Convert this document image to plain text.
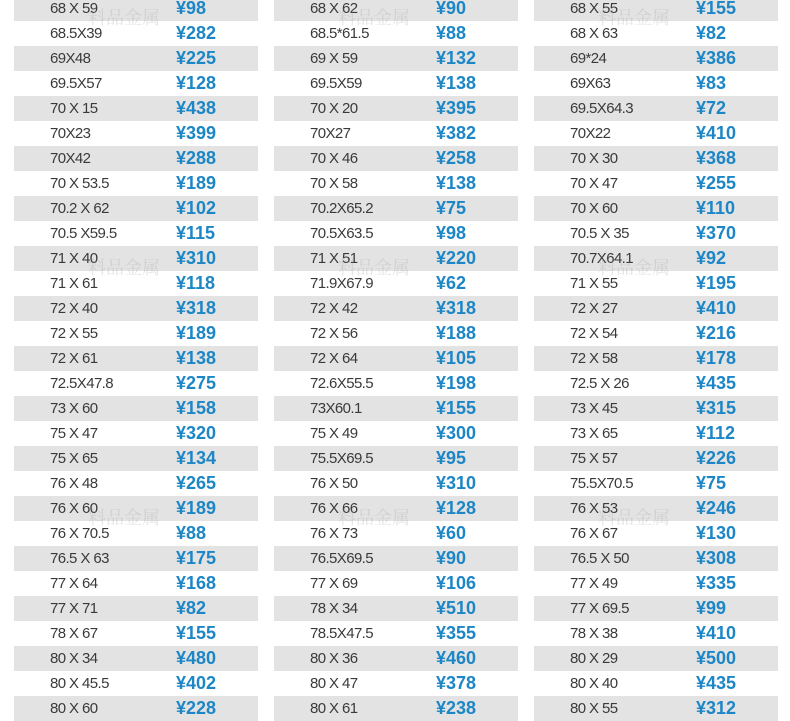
68 X 59	¥98
68.5X39	¥282
69X48	¥225
69.5X57	¥128
70 X 15	¥438
70X23	¥399
70X42	¥288
70 X 53.5	¥189
70.2 X 62	¥102
70.5 X59.5	¥115
71 X 40	¥310
71 X 61	¥118
72 X 40	¥318
72 X 55	¥189
72 X 61	¥138
72.5X47.8	¥275
73 X 60	¥158
75 X 47	¥320
75 X 65	¥134
76 X 48	¥265
76 X 60	¥189
76 X 70.5	¥88
76.5 X 63	¥175
77 X 64	¥168
77 X 71	¥82
78 X 67	¥155
80 X 34	¥480
80 X 45.5	¥402
80 X 60	¥228
68 X 62	¥90
68.5*61.5	¥88
69 X 59	¥132
69.5X59	¥138
70 X 20	¥395
70X27	¥382
70 X 46	¥258
70 X 58	¥138
70.2X65.2	¥75
70.5X63.5	¥98
71 X 51	¥220
71.9X67.9	¥62
72 X 42	¥318
72 X 56	¥188
72 X 64	¥105
72.6X55.5	¥198
73X60.1	¥155
75 X 49	¥300
75.5X69.5	¥95
76 X 50	¥310
76 X 66	¥128
76 X 73	¥60
76.5X69.5	¥90
77 X 69	¥106
78 X 34	¥510
78.5X47.5	¥355
80 X 36	¥460
80 X 47	¥378
80 X 61	¥238
68 X 55	¥155
68 X 63	¥82
69*24	¥386
69X63	¥83
69.5X64.3	¥72
70X22	¥410
70 X 30	¥368
70 X 47	¥255
70 X 60	¥110
70.5 X 35	¥370
70.7X64.1	¥92
71 X 55	¥195
72 X 27	¥410
72 X 54	¥216
72 X 58	¥178
72.5 X 26	¥435
73 X 45	¥315
73 X 65	¥112
75 X 57	¥226
75.5X70.5	¥75
76 X 53	¥246
76 X 67	¥130
76.5 X 50	¥308
77 X 49	¥335
77 X 69.5	¥99
78 X 38	¥410
80 X 29	¥500
80 X 40	¥435
80 X 55	¥312
料品金属	料品金属	料品金属
料品金属	料品金属	料品金属
料品金属	料品金属	料品金属
